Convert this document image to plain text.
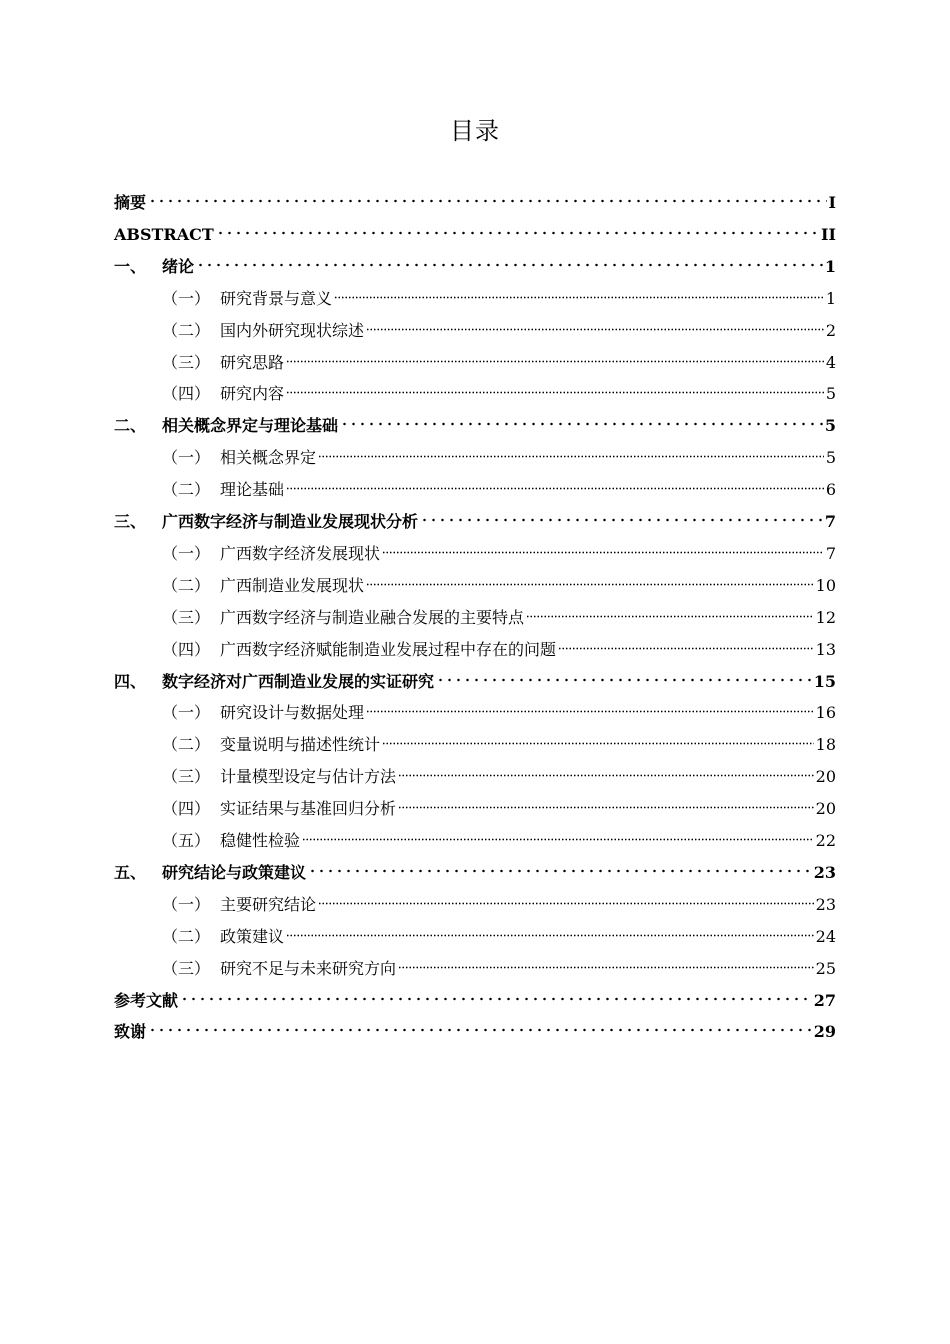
目录
摘要	I
ABSTRACT	II
一、 绪论	1
（一） 研究背景与意义	1
（二） 国内外研究现状综述	2
（三） 研究思路	4
（四） 研究内容	5
二、 相关概念界定与理论基础	5
（一） 相关概念界定	5
（二） 理论基础	6
三、 广西数字经济与制造业发展现状分析	7
（一） 广西数字经济发展现状	7
（二） 广西制造业发展现状	10
（三） 广西数字经济与制造业融合发展的主要特点	12
（四） 广西数字经济赋能制造业发展过程中存在的问题	13
四、 数字经济对广西制造业发展的实证研究	15
（一） 研究设计与数据处理	16
（二） 变量说明与描述性统计	18
（三） 计量模型设定与估计方法	20
（四） 实证结果与基准回归分析	20
（五） 稳健性检验	22
五、 研究结论与政策建议	23
（一） 主要研究结论	23
（二） 政策建议	24
（三） 研究不足与未来研究方向	25
参考文献	27
致谢	29
